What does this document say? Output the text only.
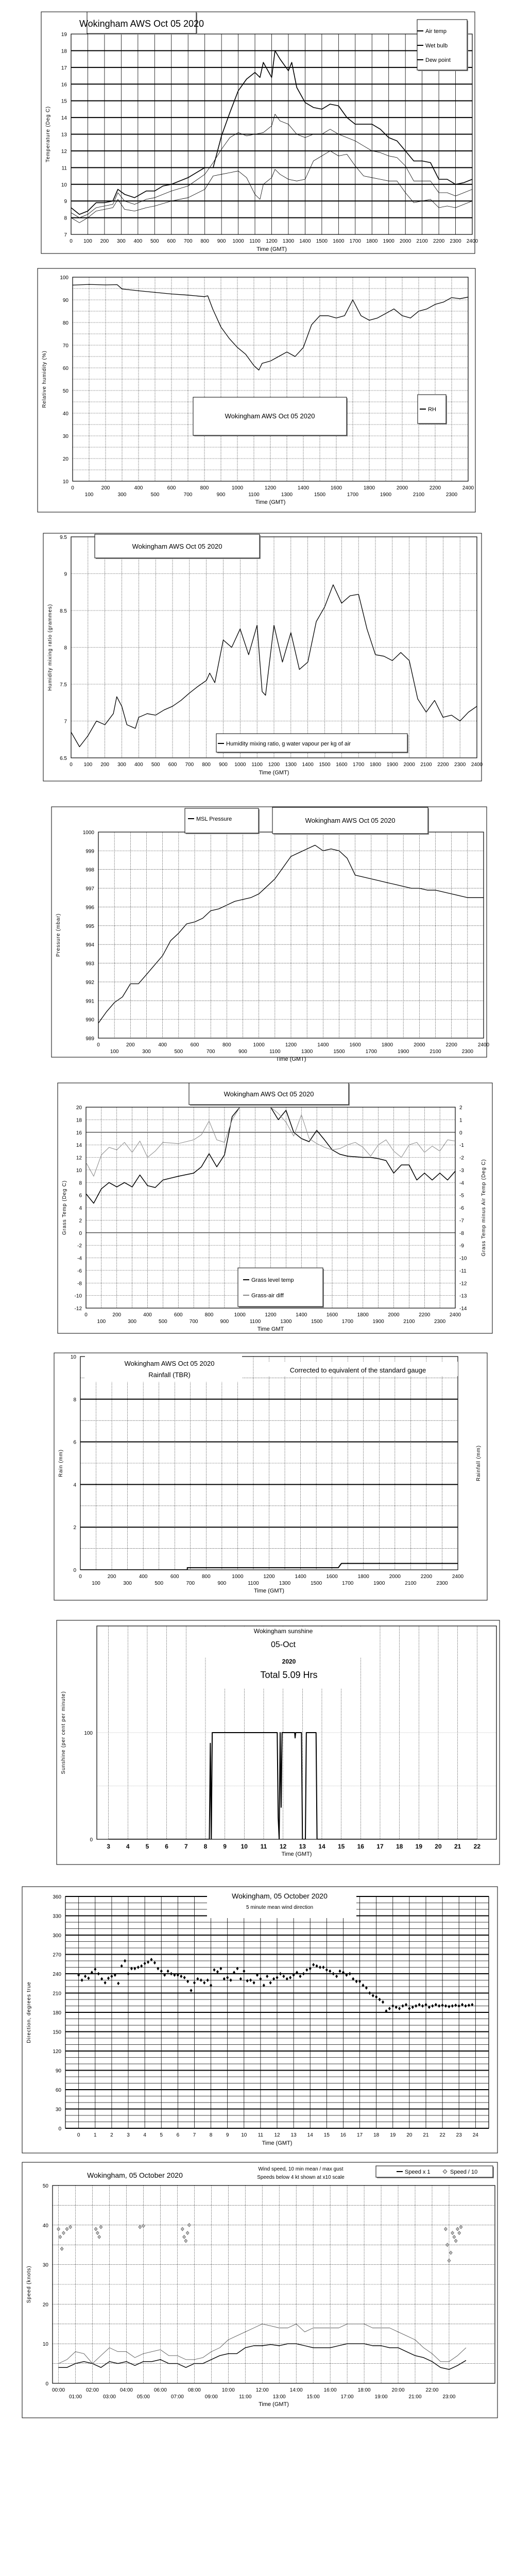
7
8
9
10
11
12
13
14
15
16
17
18
19
0 100 200 300 400 500 600 700 800 900 1000 1100 1200 1300 1400 1500 1600 1700 1800 1900 2000 2100 2200 2300 2400
Time (GMT)
Temperature (Deg C)
Wokingham AWS Oct 05 2020
Air temp
Wet bulb
Dew point
10
20
30
40
50
60
70
80
90
100
0
100
200
300
400
500
600
700
800
900
1000
1100
1200
1300
1400
1500
1600
1700
1800
1900
2000
2100
2200
2300
2400
Time (GMT)
Relative humidity (%)
Wokingham AWS Oct 05 2020
RH
6.5
7
7.5
8
8.5
9
9.5
0 100 200 300 400 500 600 700 800 900 1000 1100 1200 1300 1400 1500 1600 1700 1800 1900 2000 2100 2200 2300 2400
Time (GMT)
Humidity mixing ratio (grammes)
Wokingham AWS Oct 05 2020
Humidity mixing ratio, g water vapour per kg of air
989
990
991
992
993
994
995
996
997
998
999
1000
0
100
200
300
400
500
600
700
800
900
1000
1100
1200
1300
1400
1500
1600
1700
1800
1900
2000
2100
2200
2300
2400
Time (GMT)
Pressure (mbar)
MSL Pressure	Wokingham AWS Oct 05 2020
-12
-10
-8
-6
-4
-2
0
2
4
6
8
10
12
14
16
18
20
-14
-13
-12
-11
-10
-9
-8
-7
-6
-5
-4
-3
-2
-1
0
1
2
0
100
200
300
400
500
600
700
800
900
1000
1100
1200
1300
1400
1500
1600
1700
1800
1900
2000
2100
2200
2300
2400
Time GMT
Grass Temp (Deg C)	Grass Temp minus Air Temp (Deg C)
Wokingham AWS Oct 05 2020
Grass level temp
Grass-air diff
0
2
4
6
8
10
0
100
200
300
400
500
600
700
800
900
1000
1100
1200
1300
1400
1500
1600
1700
1800
1900
2000
2100
2200
2300
2400
Time (GMT)
Rain (mm)	Rainfall (mm)
Wokingham AWS Oct 05 2020
Rainfall (TBR)
Corrected to equivalent of the standard gauge
0
100
3	4	5	6	7	8	9 10 11 12 13 14 15 16 17 18 19 20 21 22
Time (GMT)
Sunshine (per cent per minute)
Wokingham sunshine
05-Oct
2020
Total 5.09 Hrs
0
30
60
90
120
150
180
210
240
270
300
330
360
0	1	2	3	4	5	6	7	8	9 10 11 12 13 14 15 16 17 18 19 20 21 22 23 24
Time (GMT)
Direction, degrees true
Wokingham, 05 October 2020
5 minute mean wind direction
0
10
20
30
40
50
00:00
01:00
02:00
03:00
04:00
05:00
06:00
07:00
08:00
09:00
10:00
11:00
12:00
13:00
14:00
15:00
16:00
17:00
18:00
19:00
20:00
21:00
22:00
23:00
Time (GMT)
Speed (knots)
Wokingham, 05 October 2020
Wind speed, 10 min mean / max gust
Speeds below 4 kt shown at x10 scale
Speed x 1	Speed / 10
